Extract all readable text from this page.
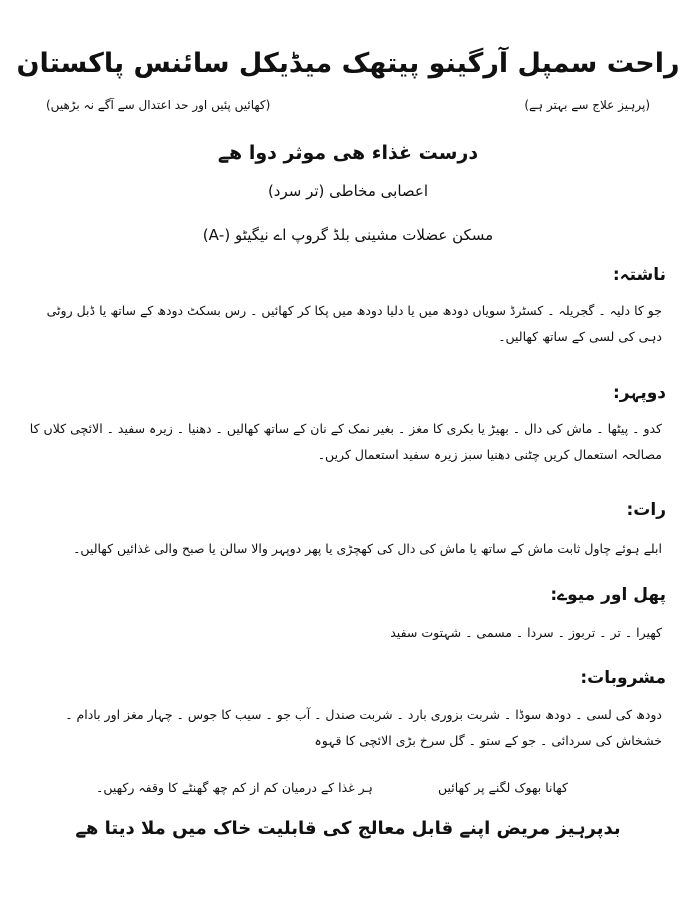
راحت سمپل آرگینو پیتھک میڈیکل سائنس پاکستان
(پرہیز علاج سے بہتر ہے)
(کھائیں پئیں اور حد اعتدال سے آگے نہ بڑھیں)
درست غذاء ھی موثر دوا ھے
اعصابی مخاطی (تر سرد)
مسکن عضلات مشینی بلڈ گروپ اے نیگیٹو (-A)
ناشتہ:
جو کا دلیہ ۔ گجریلہ ۔ کسٹرڈ سویاں دودھ میں یا دلیا دودھ میں پکا کر کھائیں ۔ رس بسکٹ دودھ کے ساتھ یا ڈبل روٹی دہی کی لسی کے ساتھ کھالیں۔
دوپہر:
کدو ۔ پیٹھا ۔ ماش کی دال ۔ بھیڑ یا بکری کا مغز ۔ بغیر نمک کے نان کے ساتھ کھالیں ۔ دھنیا ۔ زیرہ سفید ۔ الائچی کلاں کا مصالحہ استعمال کریں چٹنی دھنیا سبز زیرہ سفید استعمال کریں۔
رات:
ابلے ہوئے چاول ثابت ماش کے ساتھ یا ماش کی دال کی کھچڑی یا پھر دوپہر والا سالن یا صبح والی غذائیں کھالیں۔
پھل اور میوے:
کھیرا ۔ تر ۔ تربوز ۔ سردا ۔ مسمی ۔ شہتوت سفید
مشروبات:
دودھ کی لسی ۔ دودھ سوڈا ۔ شربت بزوری بارد ۔ شربت صندل ۔ آب جو ۔ سیب کا جوس ۔ چہار مغز اور بادام ۔ خشخاش کی سردائی ۔ جو کے ستو ۔ گل سرخ بڑی الائچی کا قہوہ
کھانا بھوک لگنے پر کھائیں
ہر غذا کے درمیان کم از کم چھ گھنٹے کا وقفہ رکھیں۔
بدپرہیز مریض اپنے قابل معالج کی قابلیت خاک میں ملا دیتا ھے
